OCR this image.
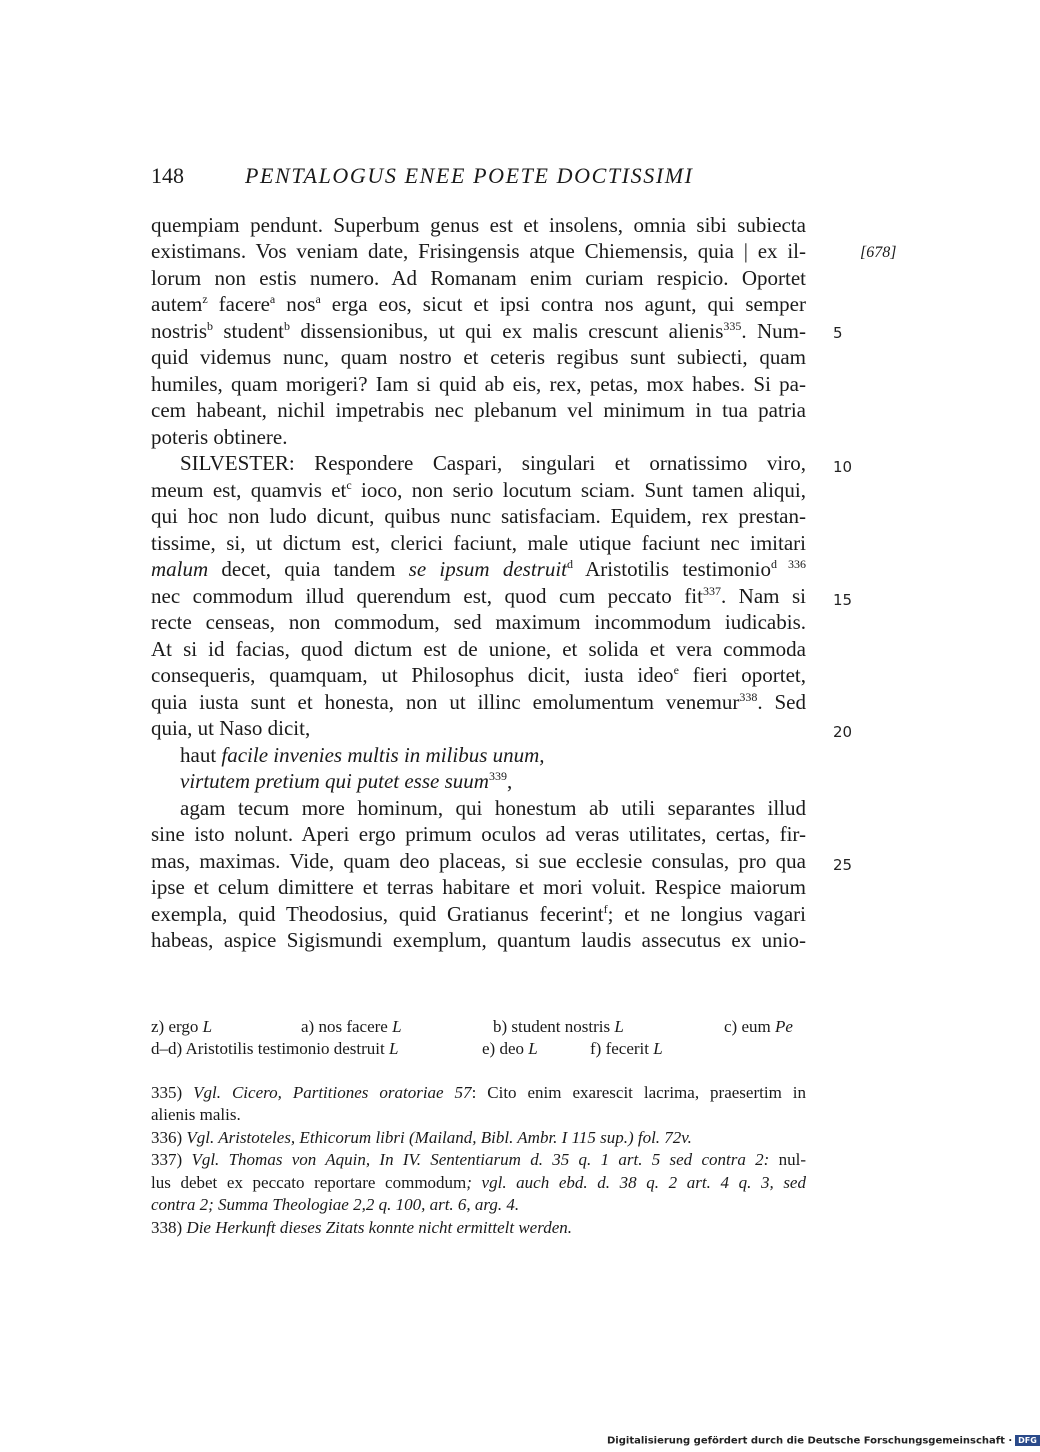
148	PENTALOGUS ENEE POETE DOCTISSIMI
quempiam pendunt. Superbum genus est et insolens, omnia sibi subiecta
existimans. Vos veniam date, Frisingensis atque Chiemensis, quia | ex il-
lorum non estis numero. Ad Romanam enim curiam respicio. Oportet
autem$^z$ facere$^a$ nos$^a$ erga eos, sicut et ipsi contra nos agunt, qui semper
nostris$^b$ student$^b$ dissensionibus, ut qui ex malis crescunt alienis$^{335}$. Num-
quid videmus nunc, quam nostro et ceteris regibus sunt subiecti, quam
humiles, quam morigeri? Iam si quid ab eis, rex, petas, mox habes. Si pa-
cem habeant, nichil impetrabis nec plebanum vel minimum in tua patria
poteris obtinere.
SILVESTER: Respondere Caspari, singulari et ornatissimo viro,
meum est, quamvis $et^c$ ioco, non serio locutum sciam. Sunt tamen aliqui,
qui hoc non ludo dicunt, quibus nunc satisfaciam. Equidem, rex prestan-
tissime, si, ut dictum est, clerici faciunt, male utique faciunt nec imitari
malum decet, quia tandem se ipsum destruit$^d$ Aristotilis testimonio$^{d 336}$
nec commodum illud querendum est, quod cum peccato fit$^{337}$. Nam si
recte censeas, non commodum, sed maximum incommodum iudicabis.
At si id facias, quod dictum est de unione, et solida et vera commoda
consequeris, quamquam, ut Philosophus dicit, iusta ideo$^e$ fieri oportet,
quia iusta sunt et honesta, non ut illinc emolumentum venemur$^{338}$. Sed
quia, ut Naso dicit,
haut facile invenies multis in milibus unum,
virtutem pretium qui putet esse suum$^{339}$,
agam tecum more hominum, qui honestum ab utili separantes illud
sine isto nolunt. Aperi ergo primum oculos ad veras utilitates, certas, fir-
mas, maximas. Vide, quam deo placeas, si sue ecclesie consulas, pro qua
ipse et celum dimittere et terras habitare et mori voluit. Respice maiorum
exempla, quid Theodosius, quid Gratianus fecerint$^f$; et ne longius vagari
habeas, aspice Sigismundi exemplum, quantum laudis assecutus ex unio-
[678]
5
10
15
20
25
z) ergo L	a) nos facere L	b) student nostris L	c) eum Pe
d–d) Aristotilis testimonio destruit L	e) deo L	f) fecerit L
335) Vgl. Cicero, Partitiones oratoriae 57: Cito enim exarescit lacrima, praesertim in
alienis malis.
336) Vgl. Aristoteles, Ethicorum libri (Mailand, Bibl. Ambr. I 115 sup.) fol. 72v.
337) Vgl. Thomas von Aquin, In IV. Sententiarum d. 35 q. 1 art. 5 sed contra 2: nul-
lus debet ex peccato reportare commodum; vgl. auch ebd. d. 38 q. 2 art. 4 q. 3, sed
contra 2; Summa Theologiae 2,2 q. 100, art. 6, arg. 4.
338) Die Herkunft dieses Zitats konnte nicht ermittelt werden.
Digitalisierung gefördert durch die Deutsche Forschungsgemeinschaft · DFG
